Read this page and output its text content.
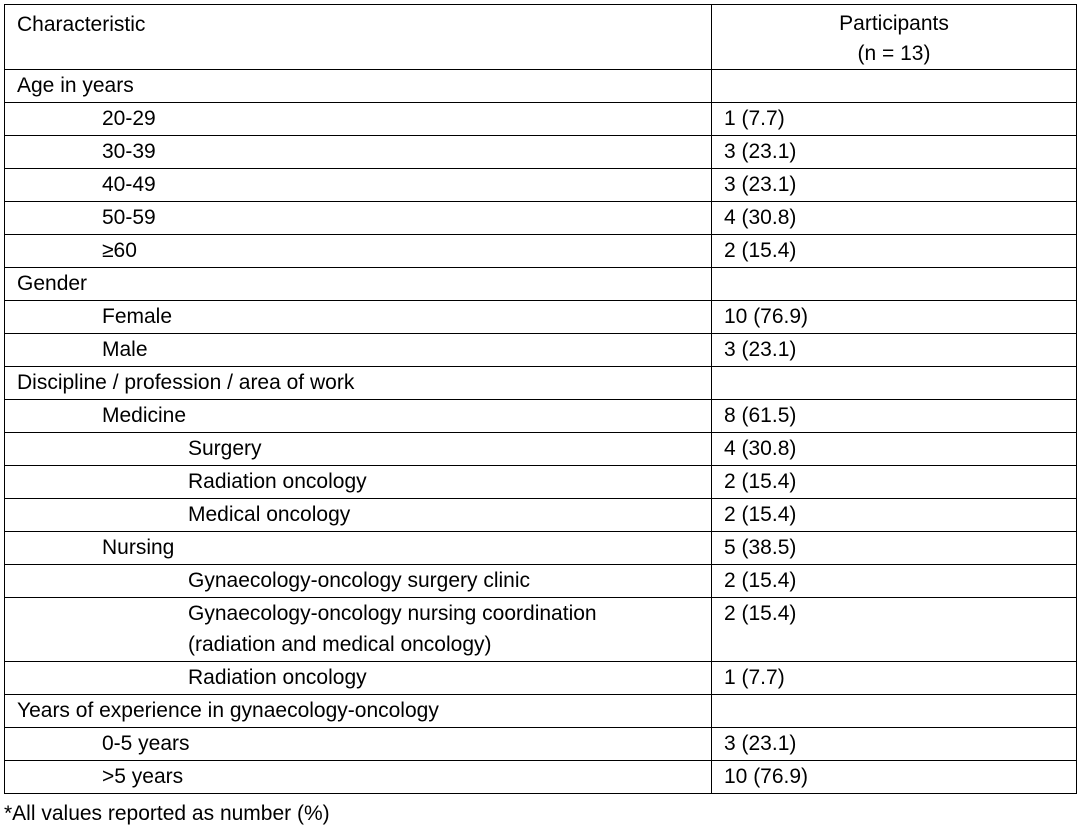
Characteristic	Participants
(n = 13)

Age in years	
20-29	1 (7.7)
30-39	3 (23.1)
40-49	3 (23.1)
50-59	4 (30.8)
≥60	2 (15.4)
Gender	
Female	10 (76.9)
Male	3 (23.1)
Discipline / profession / area of work	
Medicine	8 (61.5)
Surgery	4 (30.8)
Radiation oncology	2 (15.4)
Medical oncology	2 (15.4)
Nursing	5 (38.5)
Gynaecology-oncology surgery clinic	2 (15.4)

Gynaecology-oncology nursing coordination
(radiation and medical oncology)	2 (15.4)
Radiation oncology	1 (7.7)
Years of experience in gynaecology-oncology	
0-5 years	3 (23.1)
>5 years	10 (76.9)
*All values reported as number (%)
